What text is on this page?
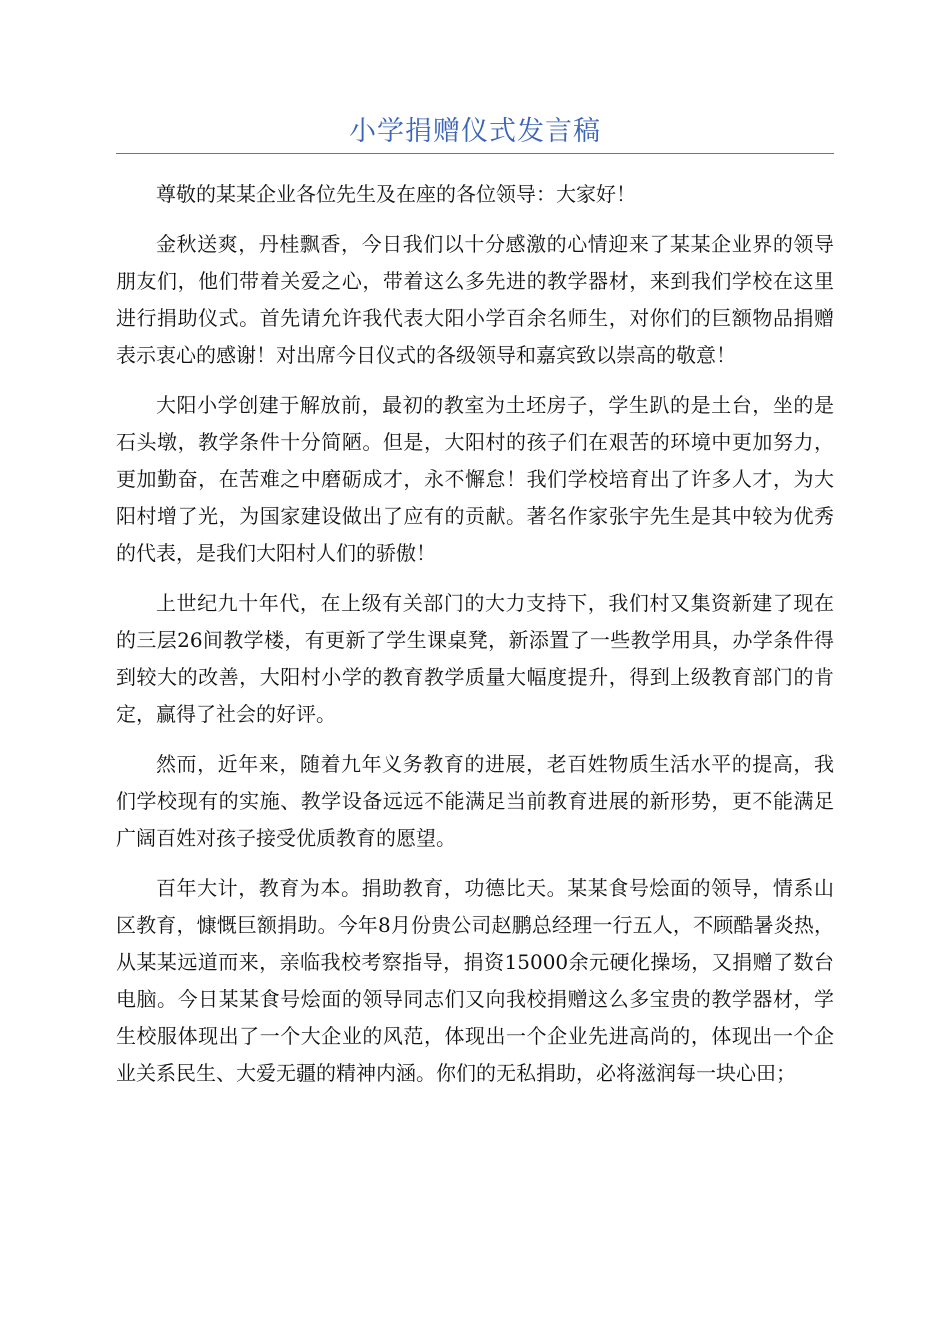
小学捐赠仪式发言稿

尊敬的某某企业各位先生及在座的各位领导：大家好！

金秋送爽，丹桂飘香，今日我们以十分感激的心情迎来了某某企业界的领导朋友们，他们带着关爱之心，带着这么多先进的教学器材，来到我们学校在这里进行捐助仪式。首先请允许我代表大阳小学百余名师生，对你们的巨额物品捐赠表示衷心的感谢！对出席今日仪式的各级领导和嘉宾致以崇高的敬意！

大阳小学创建于解放前，最初的教室为土坯房子，学生趴的是土台，坐的是石头墩，教学条件十分简陋。但是，大阳村的孩子们在艰苦的环境中更加努力，更加勤奋，在苦难之中磨砺成才，永不懈怠！我们学校培育出了许多人才，为大阳村增了光，为国家建设做出了应有的贡献。著名作家张宇先生是其中较为优秀的代表，是我们大阳村人们的骄傲！

上世纪九十年代，在上级有关部门的大力支持下，我们村又集资新建了现在的三层26间教学楼，有更新了学生课桌凳，新添置了一些教学用具，办学条件得到较大的改善，大阳村小学的教育教学质量大幅度提升，得到上级教育部门的肯定，赢得了社会的好评。

然而，近年来，随着九年义务教育的进展，老百姓物质生活水平的提高，我们学校现有的实施、教学设备远远不能满足当前教育进展的新形势，更不能满足广阔百姓对孩子接受优质教育的愿望。

百年大计，教育为本。捐助教育，功德比天。某某食号烩面的领导，情系山区教育，慷慨巨额捐助。今年8月份贵公司赵鹏总经理一行五人，不顾酷暑炎热，从某某远道而来，亲临我校考察指导，捐资15000余元硬化操场，又捐赠了数台电脑。今日某某食号烩面的领导同志们又向我校捐赠这么多宝贵的教学器材，学生校服体现出了一个大企业的风范，体现出一个企业先进高尚的，体现出一个企业关系民生、大爱无疆的精神内涵。你们的无私捐助，必将滋润每一块心田；
